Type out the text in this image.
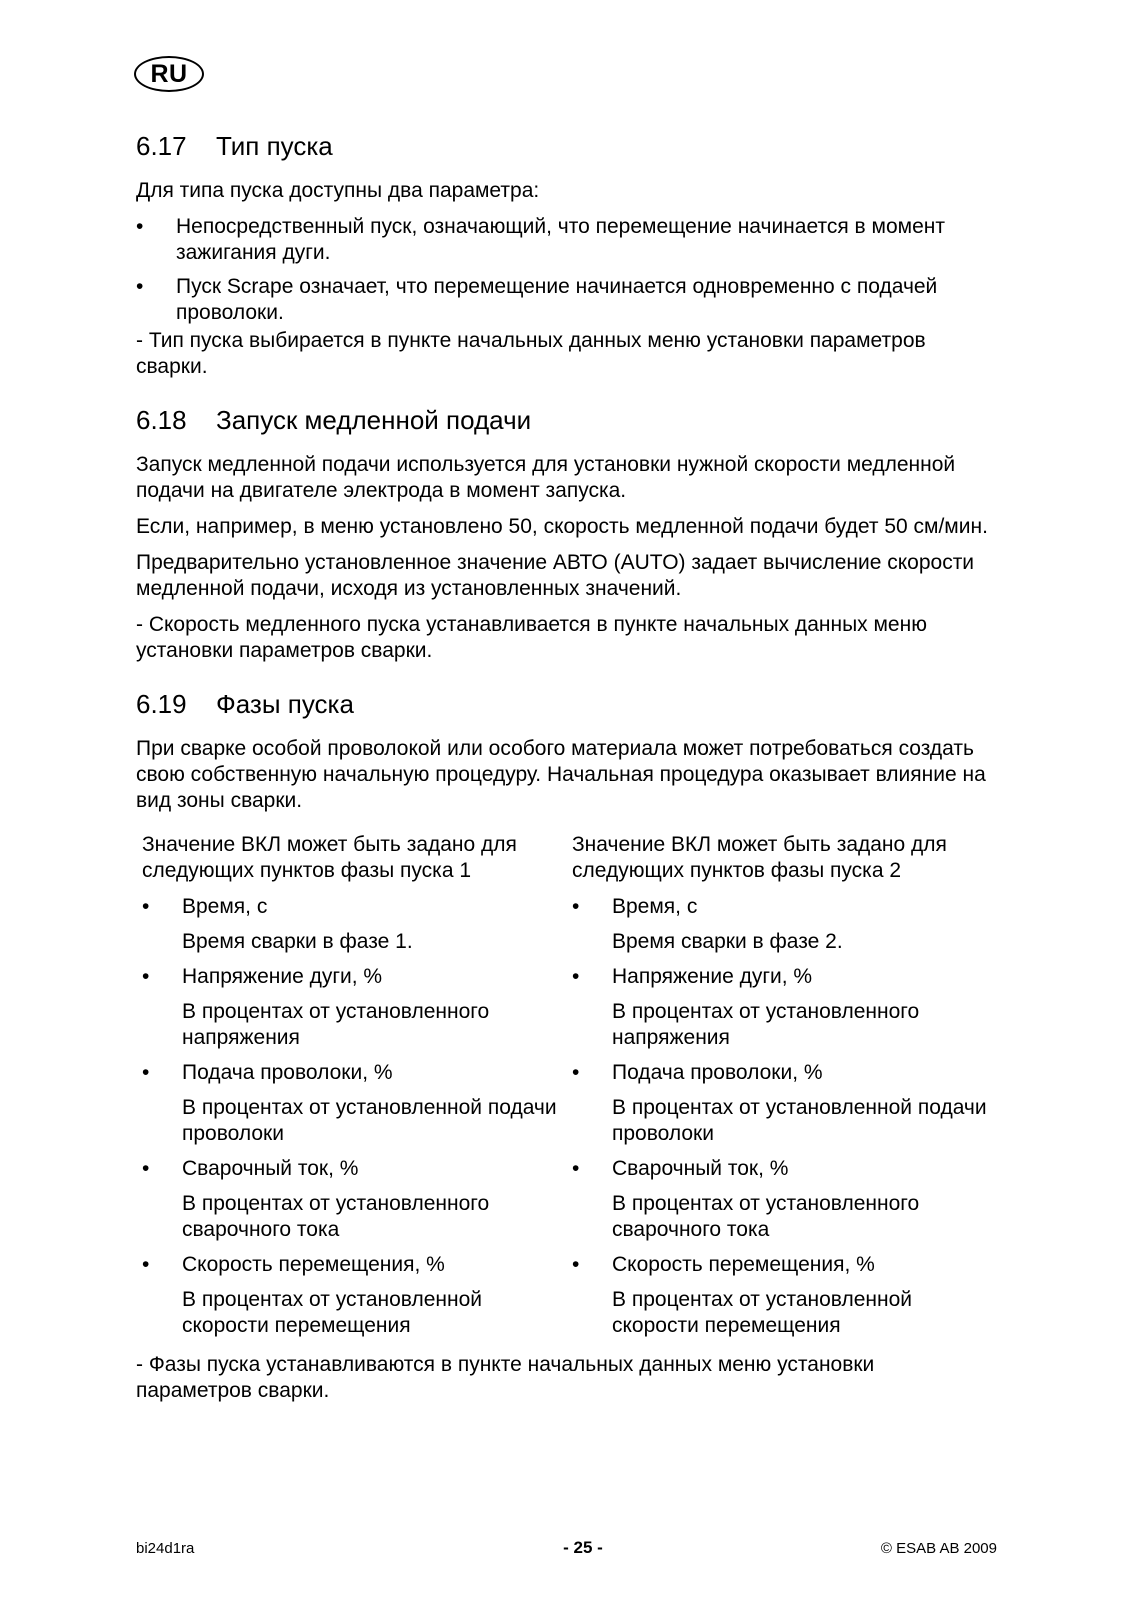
RU
6.17 Тип пуска

Для типа пуска доступны два параметра:

• Непосредственный пуск, означающий, что перемещение начинается в момент зажигания дуги.
• Пуск Scrape означает, что перемещение начинается одновременно с подачей проволоки.

- Тип пуска выбирается в пункте начальных данных меню установки параметров сварки.

6.18 Запуск медленной подачи

Запуск медленной подачи используется для установки нужной скорости медленной подачи на двигателе электрода в момент запуска.

Если, например, в меню установлено 50, скорость медленной подачи будет 50 см/мин.

Предварительно установленное значение АВТО (AUTO) задает вычисление скорости медленной подачи, исходя из установленных значений.

- Скорость медленного пуска устанавливается в пункте начальных данных меню установки параметров сварки.

6.19 Фазы пуска

При сварке особой проволокой или особого материала может потребоваться создать свою собственную начальную процедуру. Начальная процедура оказывает влияние на вид зоны сварки.

Значение ВКЛ может быть задано для следующих пунктов фазы пуска 1
• Время, с
Время сварки в фазе 1.
• Напряжение дуги, %
В процентах от установленного напряжения
• Подача проволоки, %
В процентах от установленной подачи проволоки
• Сварочный ток, %
В процентах от установленного сварочного тока
• Скорость перемещения, %
В процентах от установленной скорости перемещения
Значение ВКЛ может быть задано для следующих пунктов фазы пуска 2
• Время, с
Время сварки в фазе 2.
• Напряжение дуги, %
В процентах от установленного напряжения
• Подача проволоки, %
В процентах от установленной подачи проволоки
• Сварочный ток, %
В процентах от установленного сварочного тока
• Скорость перемещения, %
В процентах от установленной скорости перемещения

- Фазы пуска устанавливаются в пункте начальных данных меню установки параметров сварки.

bi24d1ra	- 25 -	© ESAB AB 2009
